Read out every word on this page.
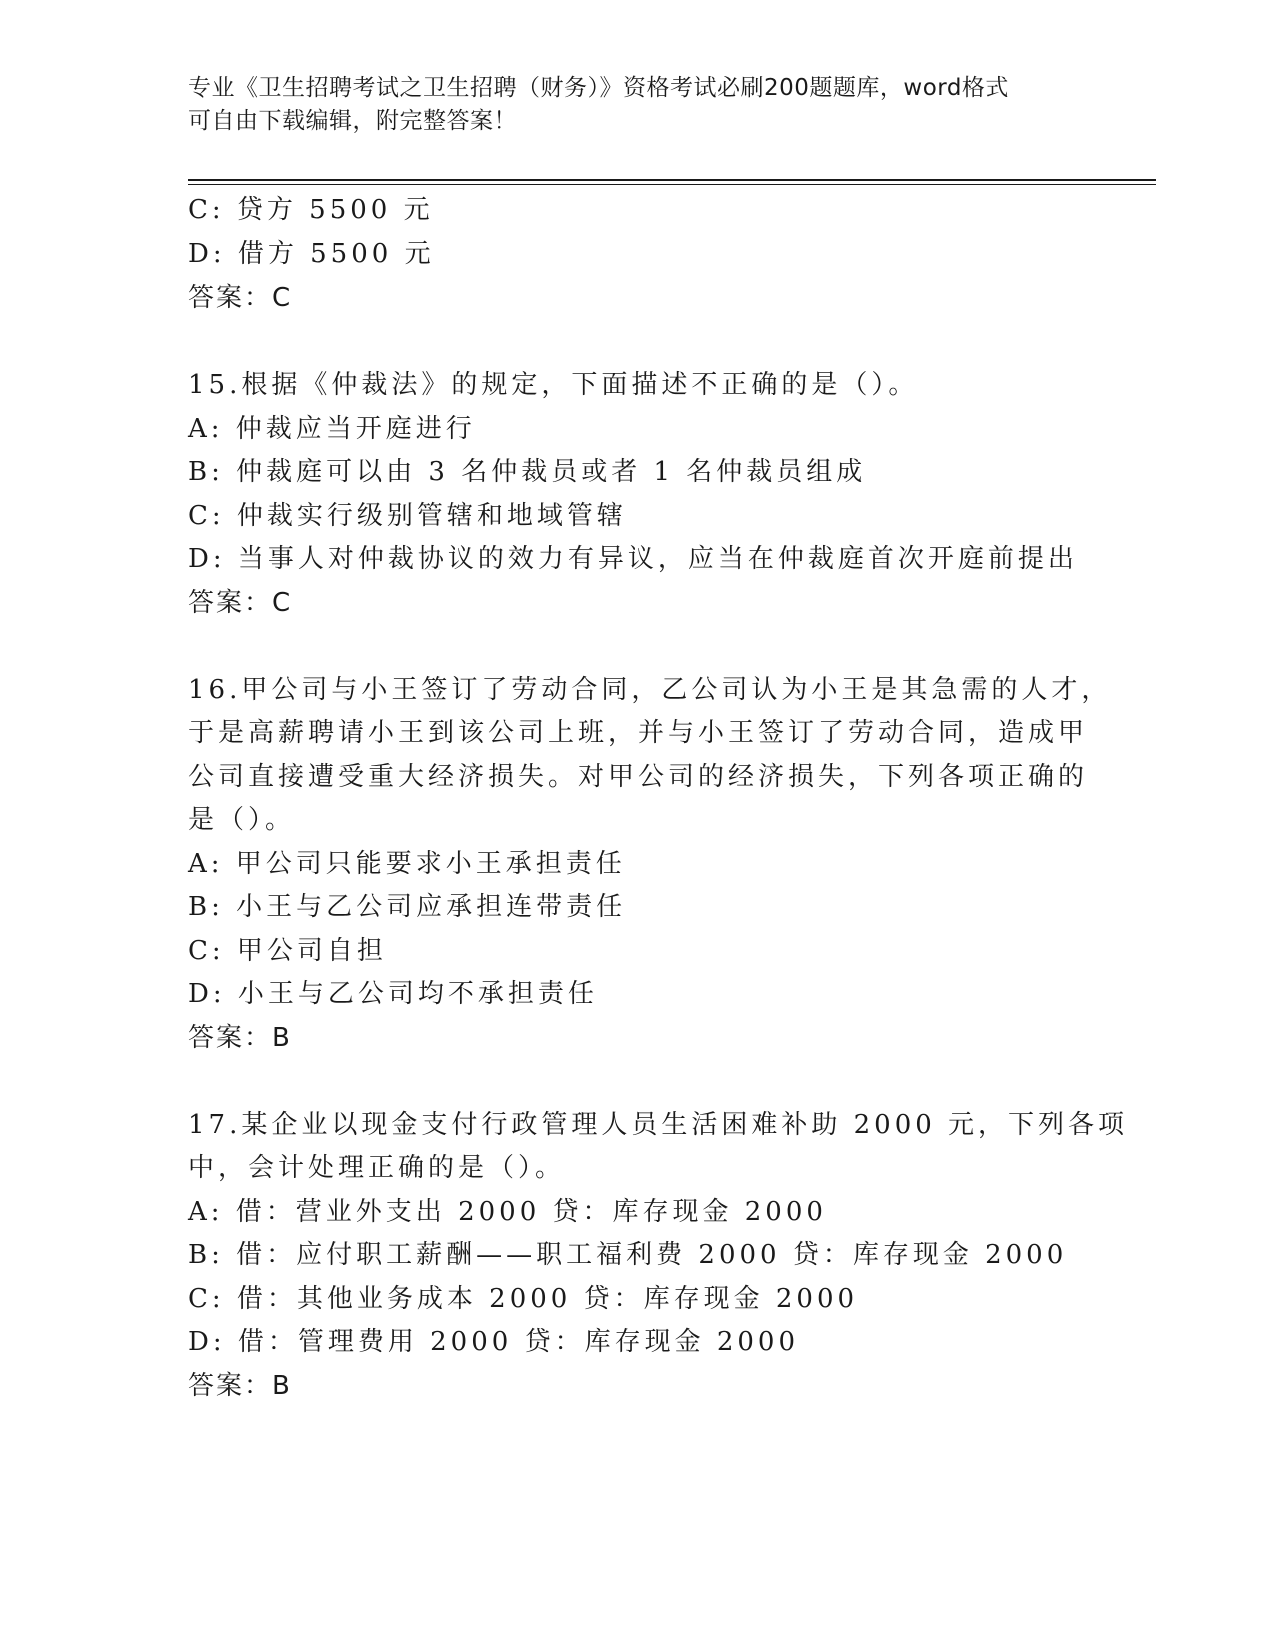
专业《卫生招聘考试之卫生招聘（财务）》资格考试必刷200题题库，word格式
可自由下载编辑，附完整答案！
C: 贷方 5500 元
D: 借方 5500 元
答案：C
15.根据《仲裁法》的规定，下面描述不正确的是（）。
A: 仲裁应当开庭进行
B: 仲裁庭可以由 3 名仲裁员或者 1 名仲裁员组成
C: 仲裁实行级别管辖和地域管辖
D: 当事人对仲裁协议的效力有异议，应当在仲裁庭首次开庭前提出
答案：C
16.甲公司与小王签订了劳动合同，乙公司认为小王是其急需的人才，
于是高薪聘请小王到该公司上班，并与小王签订了劳动合同，造成甲
公司直接遭受重大经济损失。对甲公司的经济损失，下列各项正确的
是（）。
A: 甲公司只能要求小王承担责任
B: 小王与乙公司应承担连带责任
C: 甲公司自担
D: 小王与乙公司均不承担责任
答案：B
17.某企业以现金支付行政管理人员生活困难补助 2000 元，下列各项
中，会计处理正确的是（）。
A: 借：营业外支出 2000 贷：库存现金 2000
B: 借：应付职工薪酬——职工福利费 2000 贷：库存现金 2000
C: 借：其他业务成本 2000 贷：库存现金 2000
D: 借：管理费用 2000 贷：库存现金 2000
答案：B
